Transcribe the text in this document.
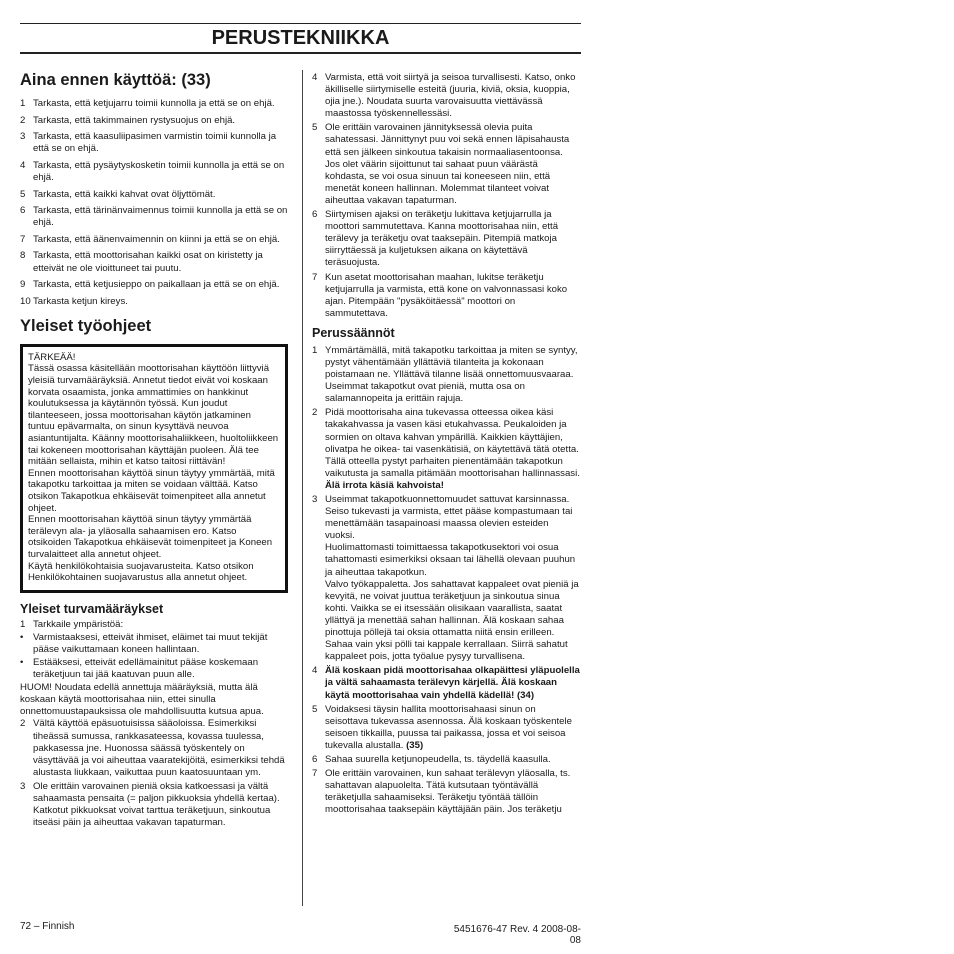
PERUSTEKNIIKKA
Aina ennen käyttöä: (33)
1 Tarkasta, että ketjujarru toimii kunnolla ja että se on ehjä.
2 Tarkasta, että takimmainen rystysuojus on ehjä.
3 Tarkasta, että kaasuliipasimen varmistin toimii kunnolla ja että se on ehjä.
4 Tarkasta, että pysäytyskosketin toimii kunnolla ja että se on ehjä.
5 Tarkasta, että kaikki kahvat ovat öljyttömät.
6 Tarkasta, että tärinänvaimennus toimii kunnolla ja että se on ehjä.
7 Tarkasta, että äänenvaimennin on kiinni ja että se on ehjä.
8 Tarkasta, että moottorisahan kaikki osat on kiristetty ja etteivät ne ole vioittuneet tai puutu.
9 Tarkasta, että ketjusieppo on paikallaan ja että se on ehjä.
10 Tarkasta ketjun kireys.
Yleiset työohjeet

TÄRKEÄÄ!

Tässä osassa käsitellään moottorisahan käyttöön liittyviä yleisiä turvamääräyksiä. Annetut tiedot eivät voi koskaan korvata osaamista, jonka ammattimies on hankkinut koulutuksessa ja käytännön työssä. Kun joudut tilanteeseen, jossa moottorisahan käytön jatkaminen tuntuu epävarmalta, on sinun kysyttävä neuvoa asiantuntijalta. Käänny moottorisahaliikkeen, huoltoliikkeen tai kokeneen moottorisahan käyttäjän puoleen. Älä tee mitään sellaista, mihin et katso taitosi riittävän!

Ennen moottorisahan käyttöä sinun täytyy ymmärtää, mitä takapotku tarkoittaa ja miten se voidaan välttää. Katso otsikon Takapotkua ehkäisevät toimenpiteet alla annetut ohjeet.

Ennen moottorisahan käyttöä sinun täytyy ymmärtää terälevyn ala- ja yläosalla sahaamisen ero. Katso otsikoiden Takapotkua ehkäisevät toimenpiteet ja Koneen turvalaitteet alla annetut ohjeet.

Käytä henkilökohtaisia suojavarusteita. Katso otsikon Henkilökohtainen suojavarustus alla annetut ohjeet.

Yleiset turvamääräykset
1 Tarkkaile ympäristöä:
• Varmistaaksesi, etteivät ihmiset, eläimet tai muut tekijät pääse vaikuttamaan koneen hallintaan.
• Estääksesi, etteivät edellämainitut pääse koskemaan teräketjuun tai jää kaatuvan puun alle.

HUOM! Noudata edellä annettuja määräyksiä, mutta älä koskaan käytä moottorisahaa niin, ettei sinulla onnettomuustapauksissa ole mahdollisuutta kutsua apua.

2 Vältä käyttöä epäsuotuisissa sääoloissa. Esimerkiksi tiheässä sumussa, rankkasateessa, kovassa tuulessa, pakkasessa jne. Huonossa säässä työskentely on väsyttävää ja voi aiheuttaa vaaratekijöitä, esimerkiksi tehdä alustasta liukkaan, vaikuttaa puun kaatosuuntaan ym.
3 Ole erittäin varovainen pieniä oksia katkoessasi ja vältä sahaamasta pensaita (= paljon pikkuoksia yhdellä kertaa). Katkotut pikkuoksat voivat tarttua teräketjuun, sinkoutua itseäsi päin ja aiheuttaa vakavan tapaturman.
4 Varmista, että voit siirtyä ja seisoa turvallisesti. Katso, onko äkilliselle siirtymiselle esteitä (juuria, kiviä, oksia, kuoppia, ojia jne.). Noudata suurta varovaisuutta viettävässä maastossa työskennellessäsi.
5 Ole erittäin varovainen jännityksessä olevia puita sahatessasi. Jännittynyt puu voi sekä ennen läpisahausta että sen jälkeen sinkoutua takaisin normaaliasentoonsa. Jos olet väärin sijoittunut tai sahaat puun väärästä kohdasta, se voi osua sinuun tai koneeseen niin, että menetät koneen hallinnan. Molemmat tilanteet voivat aiheuttaa vakavan tapaturman.
6 Siirtymisen ajaksi on teräketju lukittava ketjujarrulla ja moottori sammutettava. Kanna moottorisahaa niin, että terälevy ja teräketju ovat taaksepäin. Pitempiä matkoja siirryttäessä ja kuljetuksen aikana on käytettävä teräsuojusta.
7 Kun asetat moottorisahan maahan, lukitse teräketju ketjujarrulla ja varmista, että kone on valvonnassasi koko ajan. Pitempään "pysäköitäessä" moottori on sammutettava.
Perussäännöt
1 Ymmärtämällä, mitä takapotku tarkoittaa ja miten se syntyy, pystyt vähentämään yllättäviä tilanteita ja kokonaan poistamaan ne. Yllättävä tilanne lisää onnettomuusvaaraa. Useimmat takapotkut ovat pieniä, mutta osa on salamannopeita ja erittäin rajuja.
2 Pidä moottorisaha aina tukevassa otteessa oikea käsi takakahvassa ja vasen käsi etukahvassa. Peukaloiden ja sormien on oltava kahvan ympärillä. Kaikkien käyttäjien, olivatpa he oikea- tai vasenkätisiä, on käytettävä tätä otetta. Tällä otteella pystyt parhaiten pienentämään takapotkun vaikutusta ja samalla pitämään moottorisahan hallinnassasi. Älä irrota käsiä kahvoista!
3 Useimmat takapotkuonnettomuudet sattuvat karsinnassa. Seiso tukevasti ja varmista, ettet pääse kompastumaan tai menettämään tasapainoasi maassa olevien esteiden vuoksi.

Huolimattomasti toimittaessa takapotkusektori voi osua tahattomasti esimerkiksi oksaan tai lähellä olevaan puuhun ja aiheuttaa takapotkun.

Valvo työkappaletta. Jos sahattavat kappaleet ovat pieniä ja kevyitä, ne voivat juuttua teräketjuun ja sinkoutua sinua kohti. Vaikka se ei itsessään olisikaan vaarallista, saatat yllättyä ja menettää sahan hallinnan. Älä koskaan sahaa pinottuja pöllejä tai oksia ottamatta niitä ensin erilleen. Sahaa vain yksi pölli tai kappale kerrallaan. Siirrä sahatut kappaleet pois, jotta työalue pysyy turvallisena.

4 Älä koskaan pidä moottorisahaa olkapäittesi yläpuolella ja vältä sahaamasta terälevyn kärjellä. Älä koskaan käytä moottorisahaa vain yhdellä kädellä! (34)
5 Voidaksesi täysin hallita moottorisahaasi sinun on seisottava tukevassa asennossa. Älä koskaan työskentele seisoen tikkailla, puussa tai paikassa, jossa et voi seisoa tukevalla alustalla. (35)
6 Sahaa suurella ketjunopeudella, ts. täydellä kaasulla.
7 Ole erittäin varovainen, kun sahaat terälevyn yläosalla, ts. sahattavan alapuolelta. Tätä kutsutaan työntävällä teräketjulla sahaamiseksi. Teräketju työntää tällöin moottorisahaa taaksepäin käyttäjään päin. Jos teräketju
72 – Finnish	5451676-47 Rev. 4 2008-08-08
